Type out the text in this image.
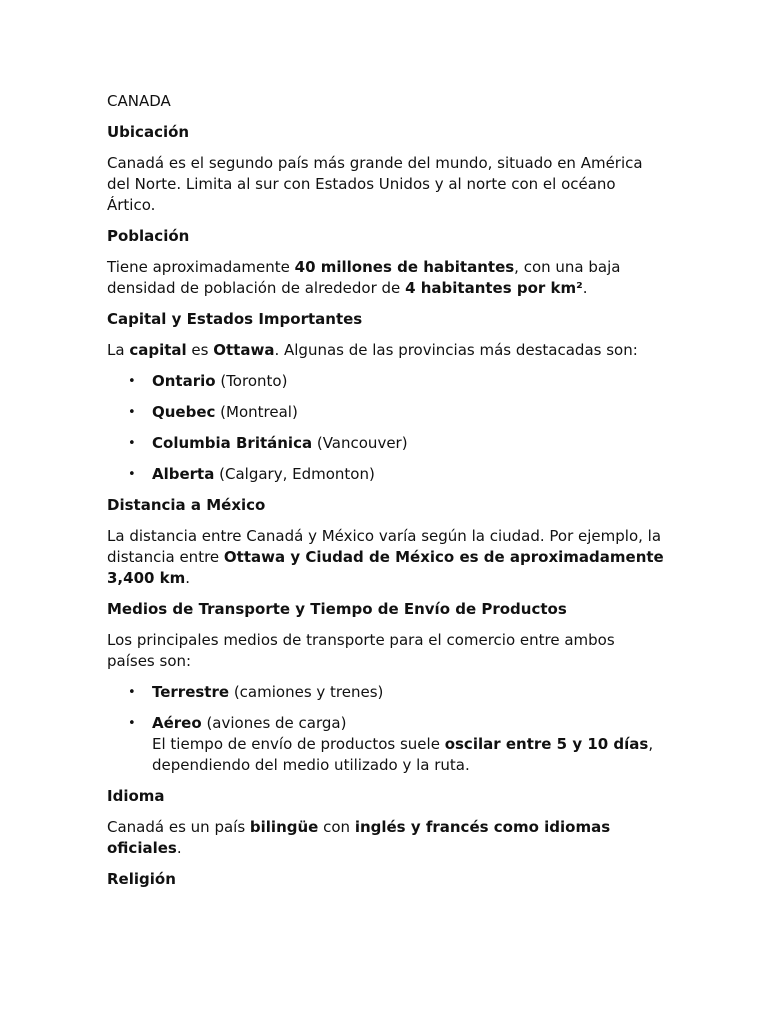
CANADA

Ubicación

Canadá es el segundo país más grande del mundo, situado en América del Norte. Limita al sur con Estados Unidos y al norte con el océano Ártico.

Población

Tiene aproximadamente 40 millones de habitantes, con una baja densidad de población de alrededor de 4 habitantes por km².

Capital y Estados Importantes

La capital es Ottawa. Algunas de las provincias más destacadas son:

• Ontario (Toronto)
• Quebec (Montreal)
• Columbia Británica (Vancouver)
• Alberta (Calgary, Edmonton)

Distancia a México

La distancia entre Canadá y México varía según la ciudad. Por ejemplo, la distancia entre Ottawa y Ciudad de México es de aproximadamente 3,400 km.

Medios de Transporte y Tiempo de Envío de Productos

Los principales medios de transporte para el comercio entre ambos países son:

• Terrestre (camiones y trenes)
• Aéreo (aviones de carga)
El tiempo de envío de productos suele oscilar entre 5 y 10 días, dependiendo del medio utilizado y la ruta.

Idioma

Canadá es un país bilingüe con inglés y francés como idiomas oficiales.

Religión
